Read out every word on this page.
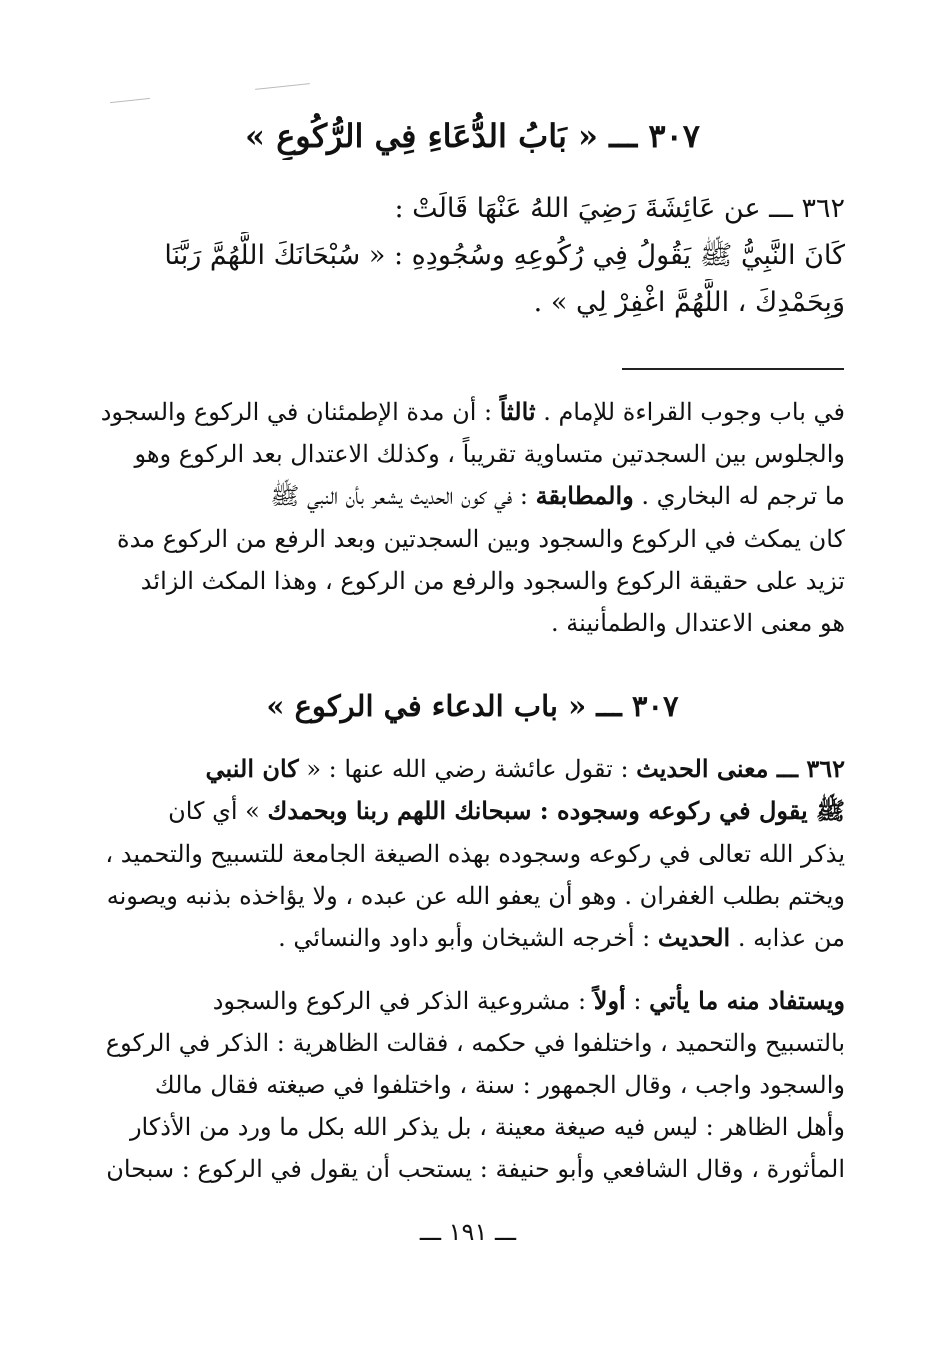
٣٠٧ ـــ « بَابُ الدُّعَاءِ فِي الرُّكُوعِ »
٣٦٢ ـــ عن عَائِشَةَ رَضِيَ اللهُ عَنْهَا قَالَتْ :
كَانَ النَّبِيُّ ﷺ يَقُولُ فِي رُكُوعِهِ وسُجُودِهِ : « سُبْحَانَكَ اللَّهُمَّ رَبَّنَا
وَبِحَمْدِكَ ، اللَّهُمَّ اغْفِرْ لِي » .
في باب وجوب القراءة للإمام . ثالثاً : أن مدة الإطمئنان في الركوع والسجود
والجلوس بين السجدتين متساوية تقريباً ، وكذلك الاعتدال بعد الركوع وهو
ما ترجم له البخاري . والمطابقة : في كون الحديث يشعر بأن النبي ﷺ
كان يمكث في الركوع والسجود وبين السجدتين وبعد الرفع من الركوع مدة
تزيد على حقيقة الركوع والسجود والرفع من الركوع ، وهذا المكث الزائد
هو معنى الاعتدال والطمأنينة .
٣٠٧ ـــ « باب الدعاء في الركوع »
٣٦٢ ـــ معنى الحديث : تقول عائشة رضي الله عنها : « كان النبي
ﷺ يقول في ركوعه وسجوده : سبحانك اللهم ربنا وبحمدك » أي كان
يذكر الله تعالى في ركوعه وسجوده بهذه الصيغة الجامعة للتسبيح والتحميد ،
ويختم بطلب الغفران . وهو أن يعفو الله عن عبده ، ولا يؤاخذه بذنبه ويصونه
من عذابه . الحديث : أخرجه الشيخان وأبو داود والنسائي .
ويستفاد منه ما يأتي : أولاً : مشروعية الذكر في الركوع والسجود
بالتسبيح والتحميد ، واختلفوا في حكمه ، فقالت الظاهرية : الذكر في الركوع
والسجود واجب ، وقال الجمهور : سنة ، واختلفوا في صيغته فقال مالك
وأهل الظاهر : ليس فيه صيغة معينة ، بل يذكر الله بكل ما ورد من الأذكار
المأثورة ، وقال الشافعي وأبو حنيفة : يستحب أن يقول في الركوع : سبحان
ـــ ١٩١ ـــ
